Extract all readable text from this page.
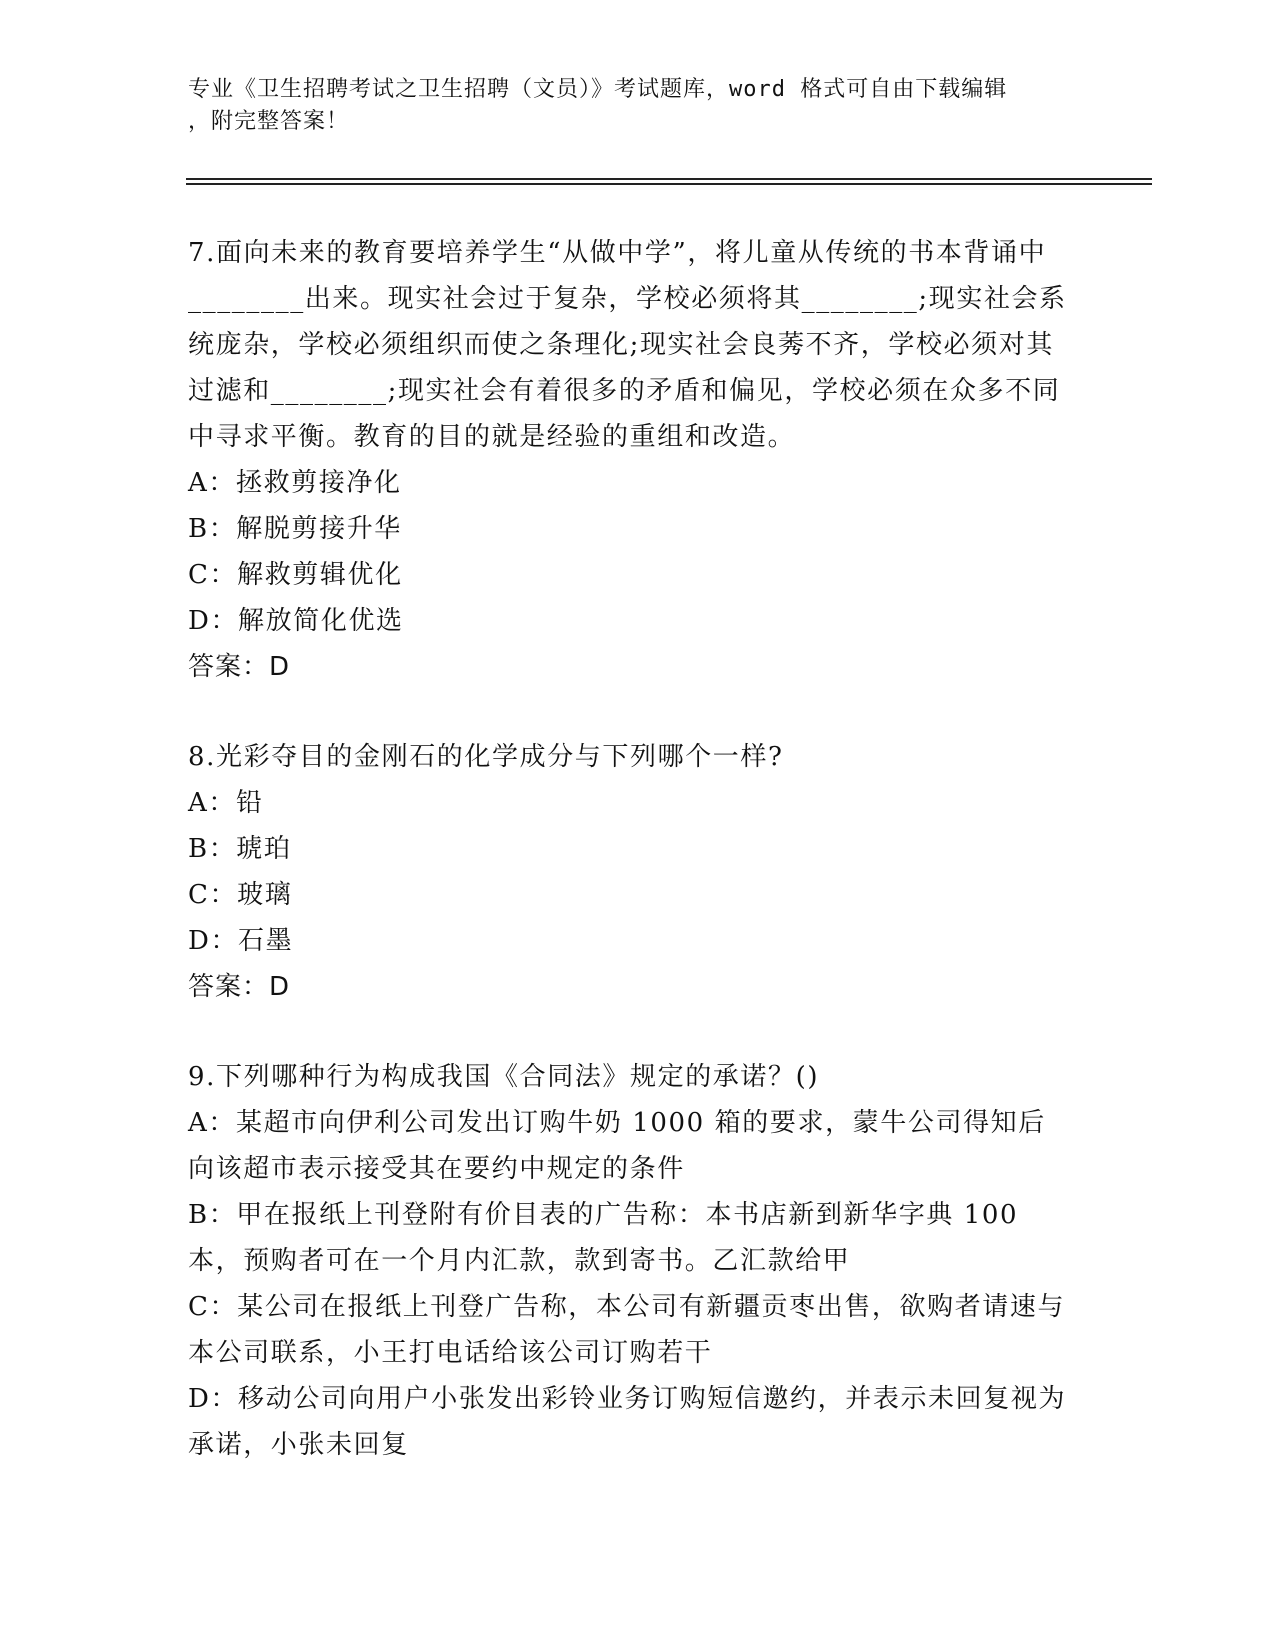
专业《卫生招聘考试之卫生招聘（文员）》考试题库，word 格式可自由下载编辑
，附完整答案！

7.面向未来的教育要培养学生“从做中学”，将儿童从传统的书本背诵中________出来。现实社会过于复杂，学校必须将其________;现实社会系统庞杂，学校必须组织而使之条理化;现实社会良莠不齐，学校必须对其过滤和________;现实社会有着很多的矛盾和偏见，学校必须在众多不同中寻求平衡。教育的目的就是经验的重组和改造。

A：拯救剪接净化

B：解脱剪接升华

C：解救剪辑优化

D：解放简化优选

答案：D

8.光彩夺目的金刚石的化学成分与下列哪个一样?

A：铅

B：琥珀

C：玻璃

D：石墨

答案：D

9.下列哪种行为构成我国《合同法》规定的承诺？()

A：某超市向伊利公司发出订购牛奶 1000 箱的要求，蒙牛公司得知后向该超市表示接受其在要约中规定的条件

B：甲在报纸上刊登附有价目表的广告称：本书店新到新华字典 100 本，预购者可在一个月内汇款，款到寄书。乙汇款给甲

C：某公司在报纸上刊登广告称，本公司有新疆贡枣出售，欲购者请速与本公司联系，小王打电话给该公司订购若干

D：移动公司向用户小张发出彩铃业务订购短信邀约，并表示未回复视为承诺，小张未回复
